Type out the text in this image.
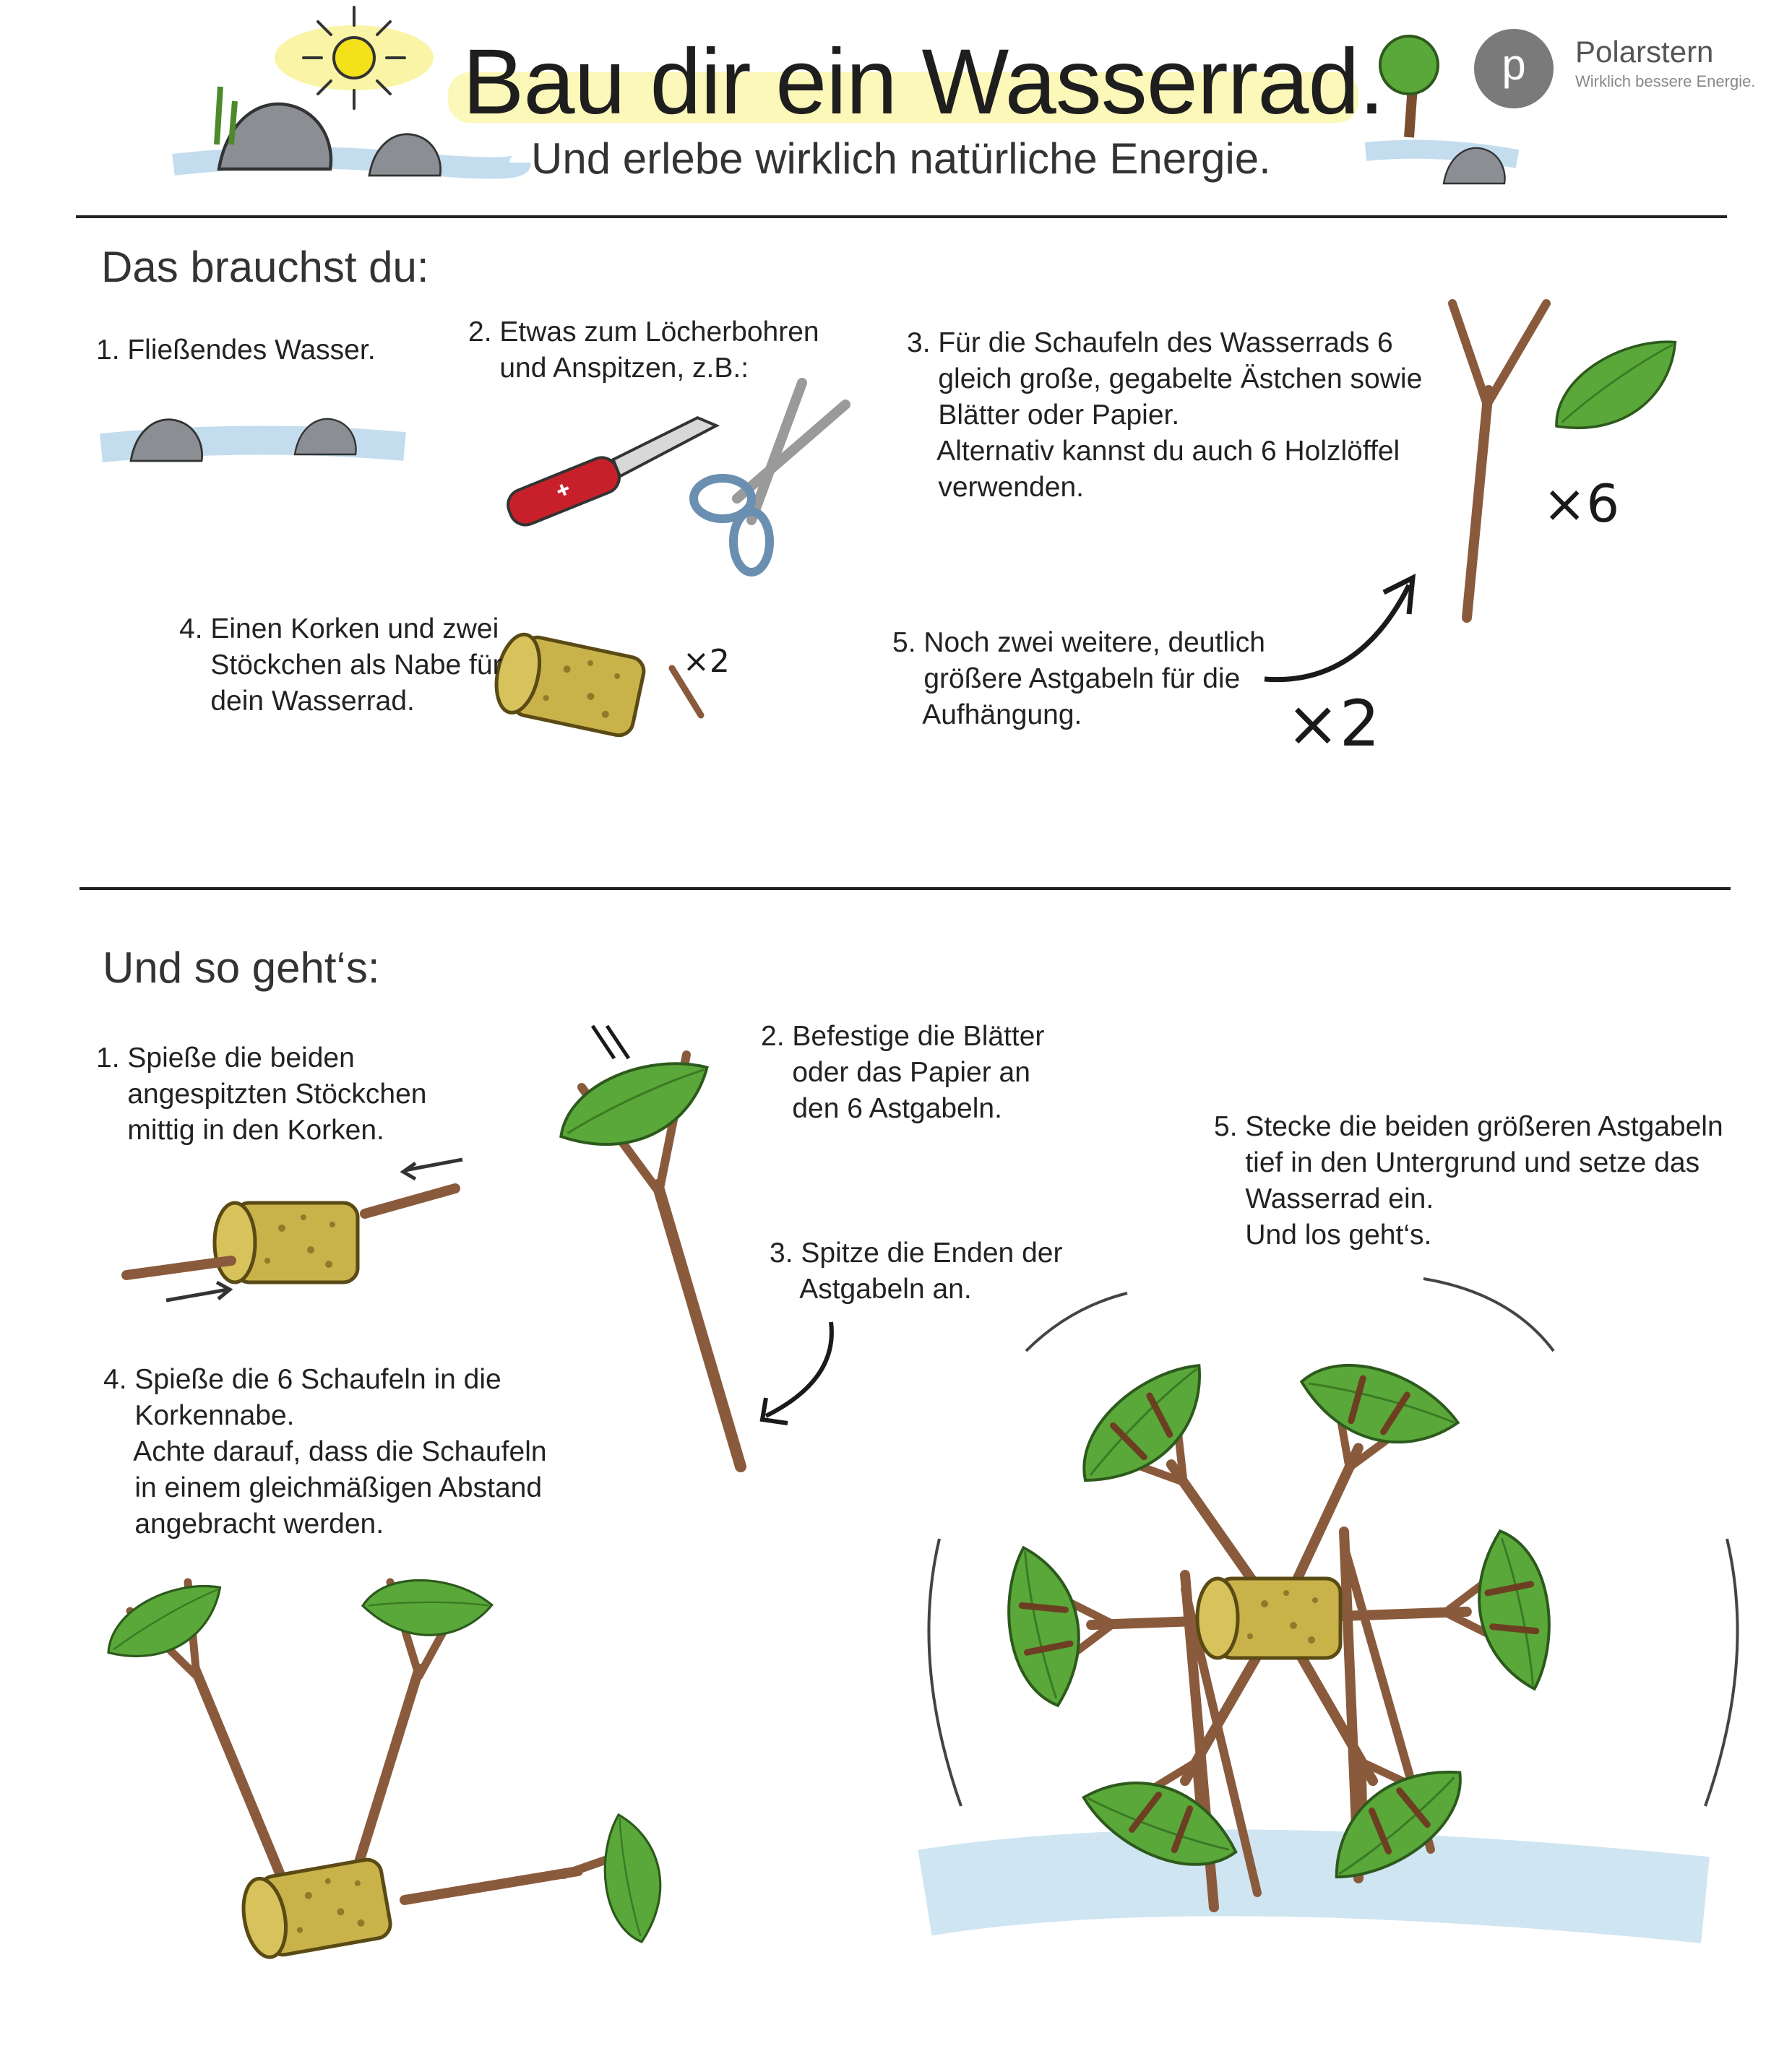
Bau dir ein Wasserrad.
Und erlebe wirklich natürliche Energie.
p	Polarstern
Wirklich bessere Energie.
Das brauchst du:
1. Fließendes Wasser.
2. Etwas zum Löcherbohren
und Anspitzen, z.B.:
3. Für die Schaufeln des Wasserrads 6
gleich große, gegabelte Ästchen sowie
Blätter oder Papier.
Alternativ kannst du auch 6 Holzlöffel
verwenden.
4. Einen Korken und zwei
Stöckchen als Nabe für
dein Wasserrad.
5. Noch zwei weitere, deutlich
größere Astgabeln für die
Aufhängung.
×2
×6
×2
Und so geht‘s:
1. Spieße die beiden
angespitzten Stöckchen
mittig in den Korken.
2. Befestige die Blätter
oder das Papier an
den 6 Astgabeln.
3. Spitze die Enden der
Astgabeln an.
4. Spieße die 6 Schaufeln in die
Korkennabe.
Achte darauf, dass die Schaufeln
in einem gleichmäßigen Abstand
angebracht werden.
5. Stecke die beiden größeren Astgabeln
tief in den Untergrund und setze das
Wasserrad ein.
Und los geht‘s.
